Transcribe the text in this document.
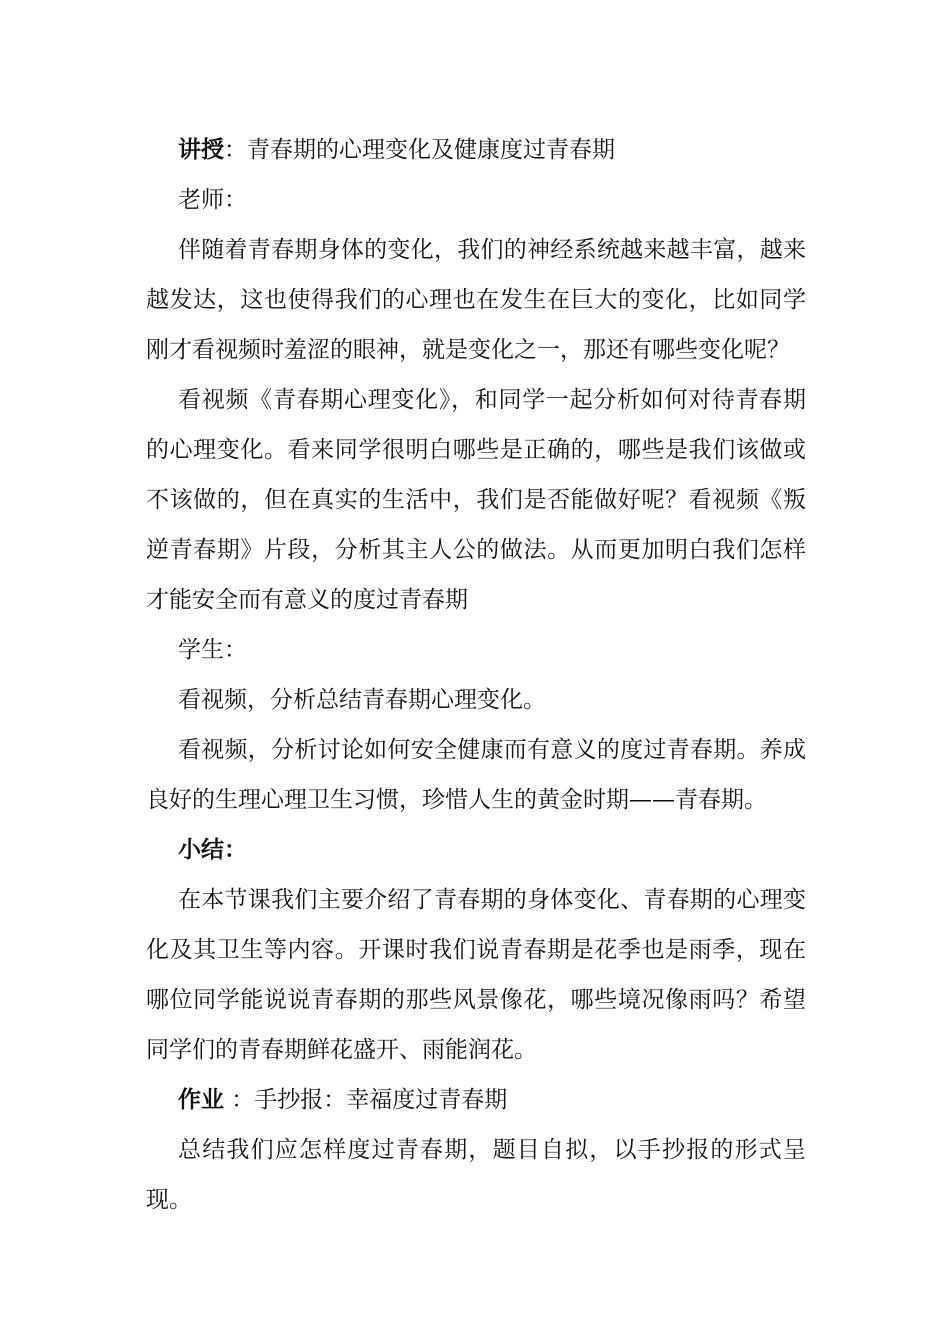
讲授：青春期的心理变化及健康度过青春期

老师：

伴随着青春期身体的变化，我们的神经系统越来越丰富，越来越发达，这也使得我们的心理也在发生在巨大的变化，比如同学刚才看视频时羞涩的眼神，就是变化之一，那还有哪些变化呢？

看视频《青春期心理变化》，和同学一起分析如何对待青春期的心理变化。看来同学很明白哪些是正确的，哪些是我们该做或不该做的，但在真实的生活中，我们是否能做好呢？看视频《叛逆青春期》片段，分析其主人公的做法。从而更加明白我们怎样才能安全而有意义的度过青春期

学生：

看视频，分析总结青春期心理变化。

看视频，分析讨论如何安全健康而有意义的度过青春期。养成良好的生理心理卫生习惯，珍惜人生的黄金时期——青春期。

小结：

在本节课我们主要介绍了青春期的身体变化、青春期的心理变化及其卫生等内容。开课时我们说青春期是花季也是雨季，现在哪位同学能说说青春期的那些风景像花，哪些境况像雨吗？希望同学们的青春期鲜花盛开、雨能润花。

作业 ：手抄报：幸福度过青春期

总结我们应怎样度过青春期，题目自拟，以手抄报的形式呈现。
